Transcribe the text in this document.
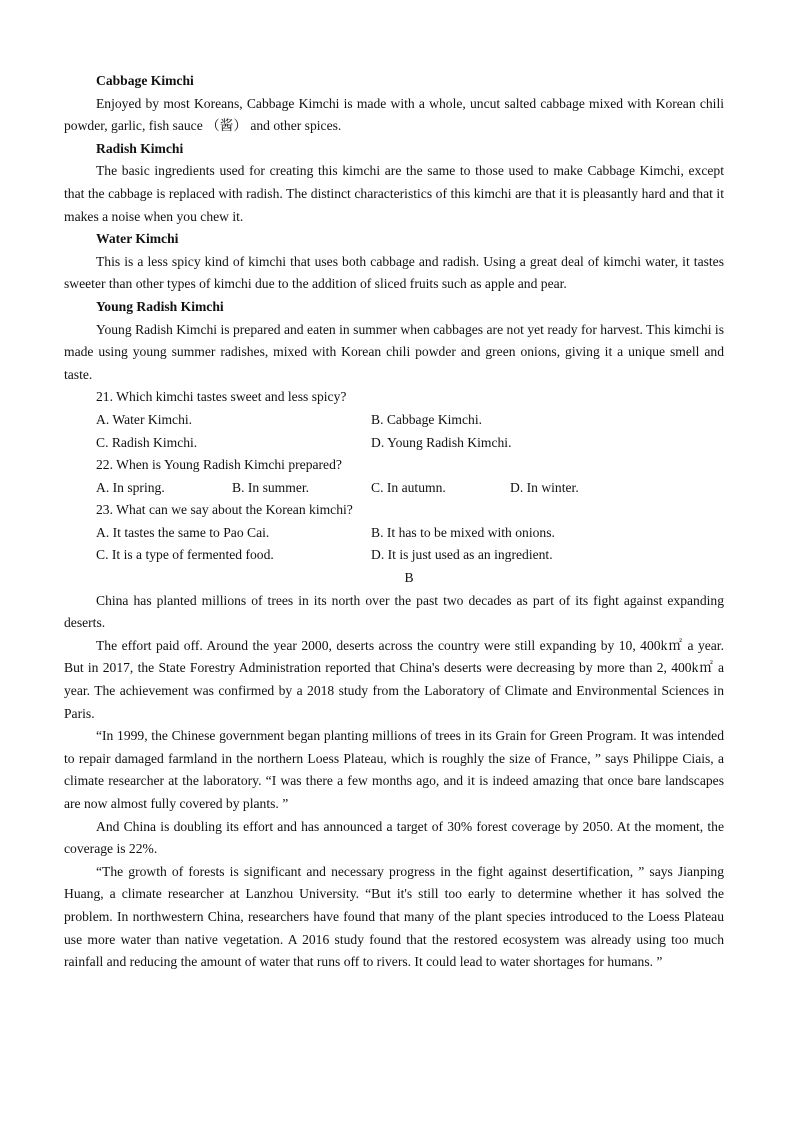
Cabbage Kimchi

Enjoyed by most Koreans, Cabbage Kimchi is made with a whole, uncut salted cabbage mixed with Korean chili powder, garlic, fish sauce （酱） and other spices.

Radish Kimchi

The basic ingredients used for creating this kimchi are the same to those used to make Cabbage Kimchi, except that the cabbage is replaced with radish. The distinct characteristics of this kimchi are that it is pleasantly hard and that it makes a noise when you chew it.

Water Kimchi

This is a less spicy kind of kimchi that uses both cabbage and radish. Using a great deal of kimchi water, it tastes sweeter than other types of kimchi due to the addition of sliced fruits such as apple and pear.

Young Radish Kimchi

Young Radish Kimchi is prepared and eaten in summer when cabbages are not yet ready for harvest. This kimchi is made using young summer radishes, mixed with Korean chili powder and green onions, giving it a unique smell and taste.

21. Which kimchi tastes sweet and less spicy?

A. Water Kimchi.	B. Cabbage Kimchi.
C. Radish Kimchi.	D. Young Radish Kimchi.

22. When is Young Radish Kimchi prepared?

A. In spring.	B. In summer.	C. In autumn.	D. In winter.

23. What can we say about the Korean kimchi?

A. It tastes the same to Pao Cai.	B. It has to be mixed with onions.
C. It is a type of fermented food.	D. It is just used as an ingredient.

B

China has planted millions of trees in its north over the past two decades as part of its fight against expanding deserts.

The effort paid off. Around the year 2000, deserts across the country were still expanding by 10, 400k㎡ a year. But in 2017, the State Forestry Administration reported that China's deserts were decreasing by more than 2, 400k㎡ a year. The achievement was confirmed by a 2018 study from the Laboratory of Climate and Environmental Sciences in Paris.

“In 1999, the Chinese government began planting millions of trees in its Grain for Green Program. It was intended to repair damaged farmland in the northern Loess Plateau, which is roughly the size of France, ” says Philippe Ciais, a climate researcher at the laboratory. “I was there a few months ago, and it is indeed amazing that once bare landscapes are now almost fully covered by plants. ”

And China is doubling its effort and has announced a target of 30% forest coverage by 2050. At the moment, the coverage is 22%.

“The growth of forests is significant and necessary progress in the fight against desertification, ” says Jianping Huang, a climate researcher at Lanzhou University. “But it's still too early to determine whether it has solved the problem. In northwestern China, researchers have found that many of the plant species introduced to the Loess Plateau use more water than native vegetation. A 2016 study found that the restored ecosystem was already using too much rainfall and reducing the amount of water that runs off to rivers. It could lead to water shortages for humans. ”
